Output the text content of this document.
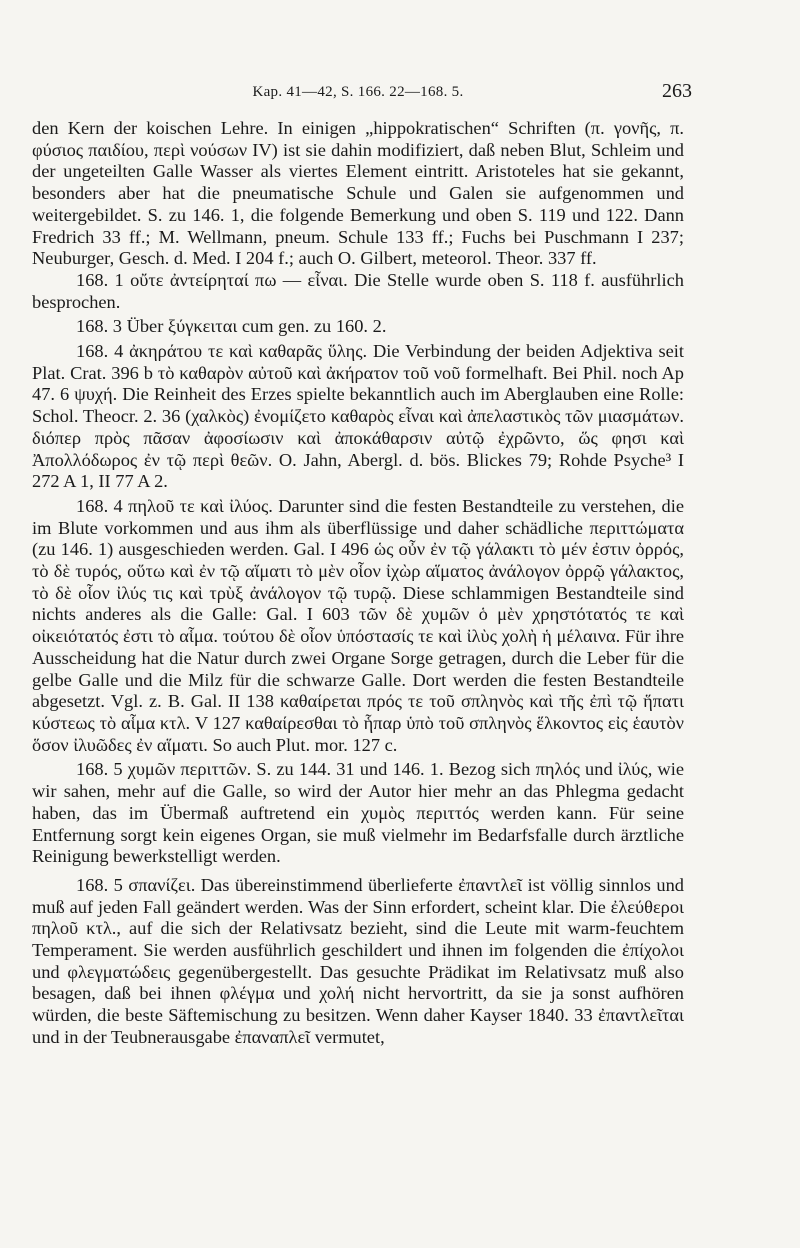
Kap. 41—42, S. 166. 22—168. 5.	263

den Kern der koischen Lehre. In einigen „hippokratischen“ Schriften (π. γονῆς, π. φύσιος παιδίου, περὶ νούσων IV) ist sie dahin modifiziert, daß neben Blut, Schleim und der ungeteilten Galle Wasser als viertes Element eintritt. Aristoteles hat sie gekannt, besonders aber hat die pneumatische Schule und Galen sie aufgenommen und weitergebildet. S. zu 146. 1, die folgende Bemerkung und oben S. 119 und 122. Dann Fredrich 33 ff.; M. Wellmann, pneum. Schule 133 ff.; Fuchs bei Puschmann I 237; Neuburger, Gesch. d. Med. I 204 f.; auch O. Gilbert, meteorol. Theor. 337 ff.

168. 1 οὔτε ἀντείρηταί πω — εἶναι. Die Stelle wurde oben S. 118 f. ausführlich besprochen.

168. 3 Über ξύγκειται cum gen. zu 160. 2.

168. 4 ἀκηράτου τε καὶ καθαρᾶς ὕλης. Die Verbindung der beiden Adjektiva seit Plat. Crat. 396 b τὸ καθαρὸν αὐτοῦ καὶ ἀκήρατον τοῦ νοῦ formelhaft. Bei Phil. noch Ap 47. 6 ψυχή. Die Reinheit des Erzes spielte bekanntlich auch im Aberglauben eine Rolle: Schol. Theocr. 2. 36 (χαλκὸς) ἐνομίζετο καθαρὸς εἶναι καὶ ἀπελαστικὸς τῶν μιασμάτων. διόπερ πρὸς πᾶσαν ἀφοσίωσιν καὶ ἀποκάθαρσιν αὐτῷ ἐχρῶντο, ὥς φησι καὶ Ἀπολλόδωρος ἐν τῷ περὶ θεῶν. O. Jahn, Abergl. d. bös. Blickes 79; Rohde Psyche³ I 272 A 1, II 77 A 2.

168. 4 πηλοῦ τε καὶ ἰλύος. Darunter sind die festen Bestandteile zu verstehen, die im Blute vorkommen und aus ihm als überflüssige und daher schädliche περιττώματα (zu 146. 1) ausgeschieden werden. Gal. I 496 ὡς οὖν ἐν τῷ γάλακτι τὸ μέν ἐστιν ὀρρός, τὸ δὲ τυρός, οὕτω καὶ ἐν τῷ αἵματι τὸ μὲν οἷον ἰχὼρ αἵματος ἀνάλογον ὀρρῷ γάλακτος, τὸ δὲ οἷον ἰλύς τις καὶ τρὺξ ἀνάλογον τῷ τυρῷ. Diese schlammigen Bestandteile sind nichts anderes als die Galle: Gal. I 603 τῶν δὲ χυμῶν ὁ μὲν χρηστότατός τε καὶ οἰκειότατός ἐστι τὸ αἷμα. τούτου δὲ οἷον ὑπόστασίς τε καὶ ἰλὺς χολὴ ἡ μέλαινα. Für ihre Ausscheidung hat die Natur durch zwei Organe Sorge getragen, durch die Leber für die gelbe Galle und die Milz für die schwarze Galle. Dort werden die festen Bestandteile abgesetzt. Vgl. z. B. Gal. II 138 καθαίρεται πρός τε τοῦ σπληνὸς καὶ τῆς ἐπὶ τῷ ἥπατι κύστεως τὸ αἷμα κτλ. V 127 καθαίρεσθαι τὸ ἧπαρ ὑπὸ τοῦ σπληνὸς ἕλκοντος εἰς ἑαυτὸν ὅσον ἰλυῶδες ἐν αἵματι. So auch Plut. mor. 127 c.

168. 5 χυμῶν περιττῶν. S. zu 144. 31 und 146. 1. Bezog sich πηλός und ἰλύς, wie wir sahen, mehr auf die Galle, so wird der Autor hier mehr an das Phlegma gedacht haben, das im Übermaß auftretend ein χυμὸς περιττός werden kann. Für seine Entfernung sorgt kein eigenes Organ, sie muß vielmehr im Bedarfsfalle durch ärztliche Reinigung bewerkstelligt werden.

168. 5 σπανίζει. Das übereinstimmend überlieferte ἐπαντλεῖ ist völlig sinnlos und muß auf jeden Fall geändert werden. Was der Sinn erfordert, scheint klar. Die ἐλεύθεροι πηλοῦ κτλ., auf die sich der Relativsatz bezieht, sind die Leute mit warm-feuchtem Temperament. Sie werden ausführlich geschildert und ihnen im folgenden die ἐπίχολοι und φλεγματώδεις gegenübergestellt. Das gesuchte Prädikat im Relativsatz muß also besagen, daß bei ihnen φλέγμα und χολή nicht hervortritt, da sie ja sonst aufhören würden, die beste Säftemischung zu besitzen. Wenn daher Kayser 1840. 33 ἐπαντλεῖται und in der Teubnerausgabe ἐπαναπλεῖ vermutet,
